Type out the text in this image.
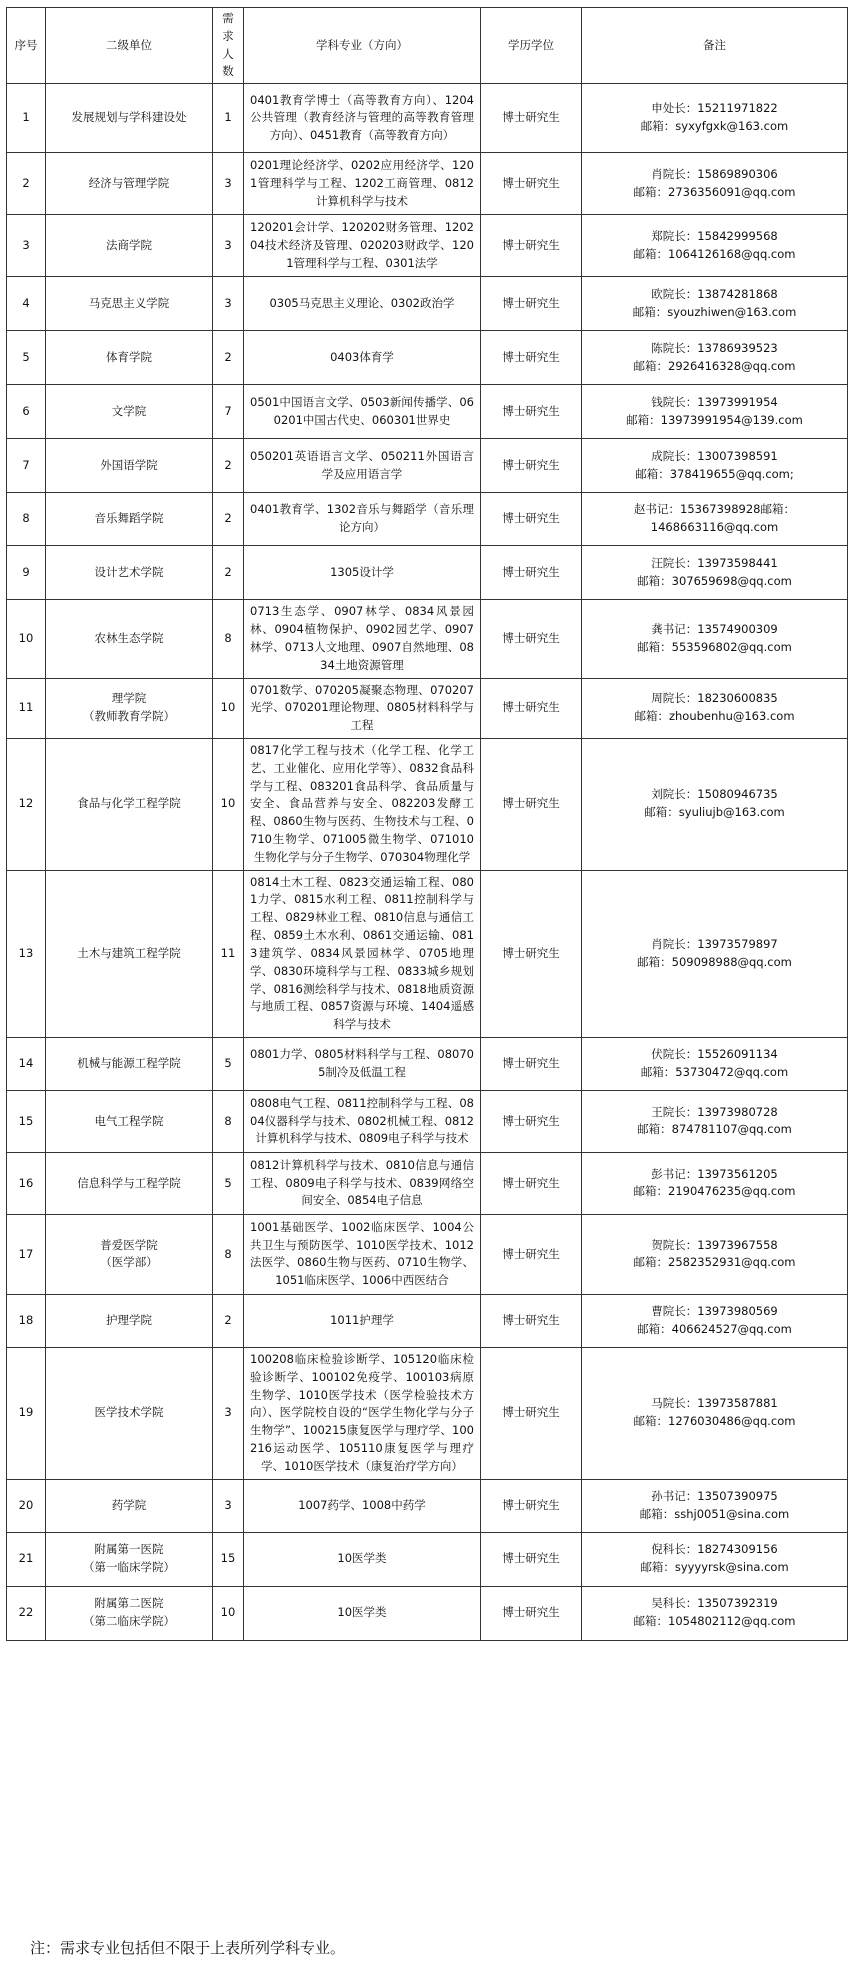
序号	二级单位	需求人数	学科专业（方向）	学历学位	备注
1	发展规划与学科建设处	1	0401教育学博士（高等教育方向）、1204公共管理（教育经济与管理的高等教育管理方向）、0451教育（高等教育方向）	博士研究生	申处长：15211971822
邮箱：syxyfgxk@163.com
2	经济与管理学院	3	0201理论经济学、0202应用经济学、1201管理科学与工程、1202工商管理、0812计算机科学与技术	博士研究生	肖院长：15869890306
邮箱：2736356091@qq.com
3	法商学院	3	120201会计学、120202财务管理、120204技术经济及管理、020203财政学、1201管理科学与工程、0301法学	博士研究生	郑院长：15842999568
邮箱：1064126168@qq.com
4	马克思主义学院	3	0305马克思主义理论、0302政治学	博士研究生	欧院长：13874281868
邮箱：syouzhiwen@163.com
5	体育学院	2	0403体育学	博士研究生	陈院长：13786939523
邮箱：2926416328@qq.com
6	文学院	7	0501中国语言文学、0503新闻传播学、060201中国古代史、060301世界史	博士研究生	钱院长：13973991954
邮箱：13973991954@139.com
7	外国语学院	2	050201英语语言文学、050211外国语言学及应用语言学	博士研究生	成院长：13007398591
邮箱：378419655@qq.com;
8	音乐舞蹈学院	2	0401教育学、1302音乐与舞蹈学（音乐理论方向）	博士研究生	赵书记：15367398928邮箱：
1468663116@qq.com
9	设计艺术学院	2	1305设计学	博士研究生	汪院长：13973598441
邮箱：307659698@qq.com
10	农林生态学院	8	0713生态学、0907林学、0834风景园林、0904植物保护、0902园艺学、0907林学、0713人文地理、0907自然地理、0834土地资源管理	博士研究生	龚书记：13574900309
邮箱：553596802@qq.com
11	理学院
（教师教育学院）	10	0701数学、070205凝聚态物理、070207光学、070201理论物理、0805材料科学与工程	博士研究生	周院长：18230600835
邮箱：zhoubenhu@163.com
12	食品与化学工程学院	10	0817化学工程与技术（化学工程、化学工艺、工业催化、应用化学等）、0832食品科学与工程、083201食品科学、食品质量与安全、食品营养与安全、082203发酵工程、0860生物与医药、生物技术与工程、0710生物学、071005微生物学、071010生物化学与分子生物学、070304物理化学	博士研究生	刘院长：15080946735
邮箱：syuliujb@163.com
13	土木与建筑工程学院	11	0814土木工程、0823交通运输工程、0801力学、0815水利工程、0811控制科学与工程、0829林业工程、0810信息与通信工程、0859土木水利、0861交通运输、0813建筑学、0834风景园林学、0705地理学、0830环境科学与工程、0833城乡规划学、0816测绘科学与技术、0818地质资源与地质工程、0857资源与环境、1404遥感科学与技术	博士研究生	肖院长：13973579897
邮箱：509098988@qq.com
14	机械与能源工程学院	5	0801力学、0805材料科学与工程、080705制冷及低温工程	博士研究生	伏院长：15526091134
邮箱：53730472@qq.com
15	电气工程学院	8	0808电气工程、0811控制科学与工程、0804仪器科学与技术、0802机械工程、0812计算机科学与技术、0809电子科学与技术	博士研究生	王院长：13973980728
邮箱：874781107@qq.com
16	信息科学与工程学院	5	0812计算机科学与技术、0810信息与通信工程、0809电子科学与技术、0839网络空间安全、0854电子信息	博士研究生	彭书记：13973561205
邮箱：2190476235@qq.com
17	普爱医学院
（医学部）	8	1001基础医学、1002临床医学、1004公共卫生与预防医学、1010医学技术、1012法医学、0860生物与医药、0710生物学、1051临床医学、1006中西医结合	博士研究生	贺院长：13973967558
邮箱：2582352931@qq.com
18	护理学院	2	1011护理学	博士研究生	曹院长：13973980569
邮箱：406624527@qq.com
19	医学技术学院	3	100208临床检验诊断学、105120临床检验诊断学、100102免疫学、100103病原生物学、1010医学技术（医学检验技术方向）、医学院校自设的“医学生物化学与分子生物学”、100215康复医学与理疗学、100216运动医学、105110康复医学与理疗学、1010医学技术（康复治疗学方向）	博士研究生	马院长：13973587881
邮箱：1276030486@qq.com
20	药学院	3	1007药学、1008中药学	博士研究生	孙书记：13507390975
邮箱：sshj0051@sina.com
21	附属第一医院
（第一临床学院）	15	10医学类	博士研究生	倪科长：18274309156
邮箱：syyyyrsk@sina.com
22	附属第二医院
（第二临床学院）	10	10医学类	博士研究生	吴科长：13507392319
邮箱：1054802112@qq.com
注：需求专业包括但不限于上表所列学科专业。
